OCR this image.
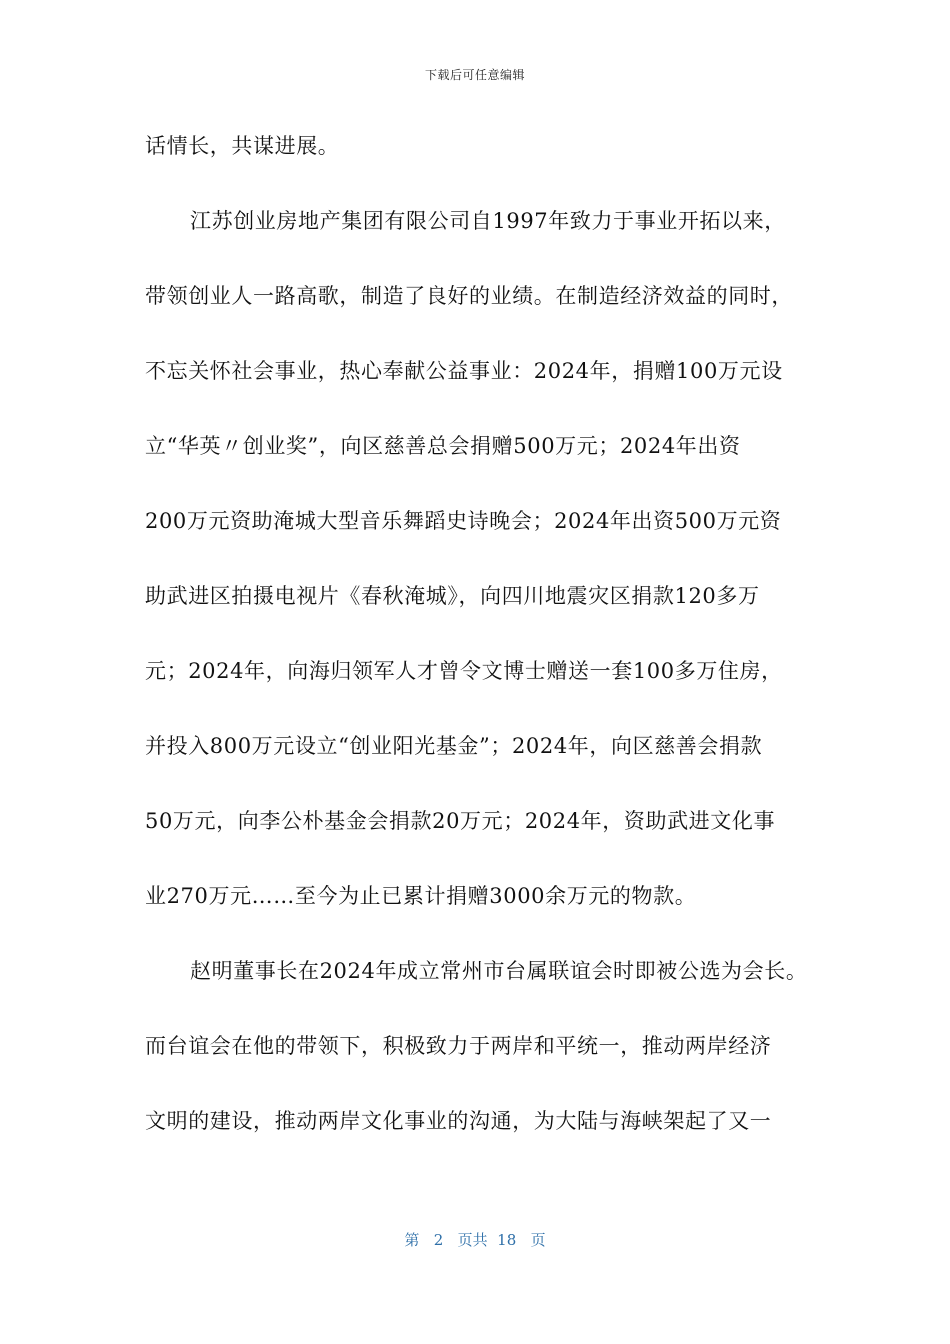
下载后可任意编辑
话情长，共谋进展。
江苏创业房地产集团有限公司自1997年致力于事业开拓以来，
带领创业人一路高歌，制造了良好的业绩。在制造经济效益的同时，
不忘关怀社会事业，热心奉献公益事业：2024年，捐赠100万元设
立“华英〃创业奖”，向区慈善总会捐赠500万元；2024年出资
200万元资助淹城大型音乐舞蹈史诗晚会；2024年出资500万元资
助武进区拍摄电视片《春秋淹城》，向四川地震灾区捐款120多万
元；2024年，向海归领军人才曾令文博士赠送一套100多万住房，
并投入800万元设立“创业阳光基金”；2024年，向区慈善会捐款
50万元，向李公朴基金会捐款20万元；2024年，资助武进文化事
业270万元……至今为止已累计捐赠3000余万元的物款。
赵明董事长在2024年成立常州市台属联谊会时即被公选为会长。
而台谊会在他的带领下，积极致力于两岸和平统一，推动两岸经济
文明的建设，推动两岸文化事业的沟通，为大陆与海峡架起了又一
第 2 页共 18 页
